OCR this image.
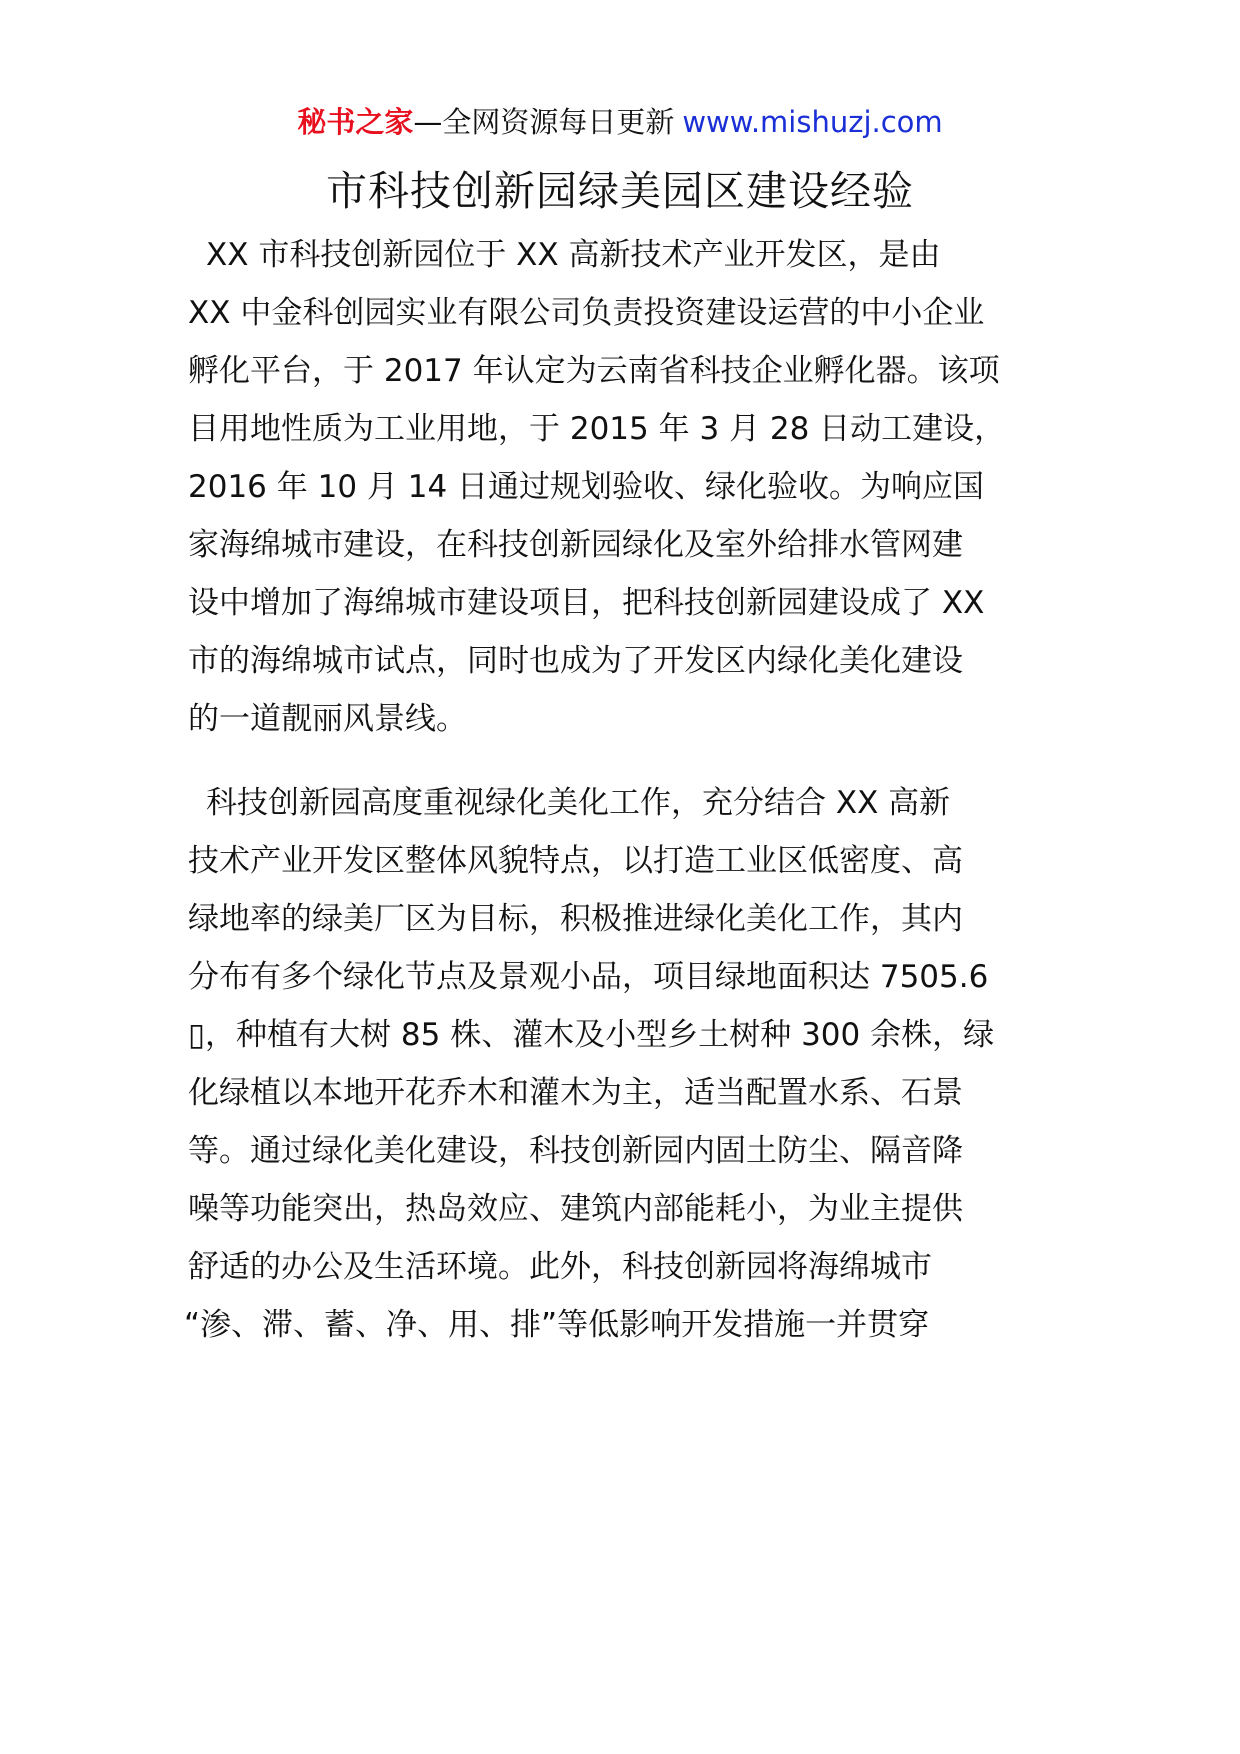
秘书之家—全网资源每日更新 www.mishuzj.com
市科技创新园绿美园区建设经验
XX 市科技创新园位于 XX 高新技术产业开发区，是由
XX 中金科创园实业有限公司负责投资建设运营的中小企业
孵化平台，于 2017 年认定为云南省科技企业孵化器。该项
目用地性质为工业用地，于 2015 年 3 月 28 日动工建设，
2016 年 10 月 14 日通过规划验收、绿化验收。为响应国
家海绵城市建设，在科技创新园绿化及室外给排水管网建
设中增加了海绵城市建设项目，把科技创新园建设成了 XX
市的海绵城市试点，同时也成为了开发区内绿化美化建设
的一道靓丽风景线。
科技创新园高度重视绿化美化工作，充分结合 XX 高新
技术产业开发区整体风貌特点，以打造工业区低密度、高
绿地率的绿美厂区为目标，积极推进绿化美化工作，其内
分布有多个绿化节点及景观小品，项目绿地面积达 7505.6
▯，种植有大树 85 株、灌木及小型乡土树种 300 余株，绿
化绿植以本地开花乔木和灌木为主，适当配置水系、石景
等。通过绿化美化建设，科技创新园内固土防尘、隔音降
噪等功能突出，热岛效应、建筑内部能耗小，为业主提供
舒适的办公及生活环境。此外，科技创新园将海绵城市
“渗、滞、蓄、净、用、排”等低影响开发措施一并贯穿
